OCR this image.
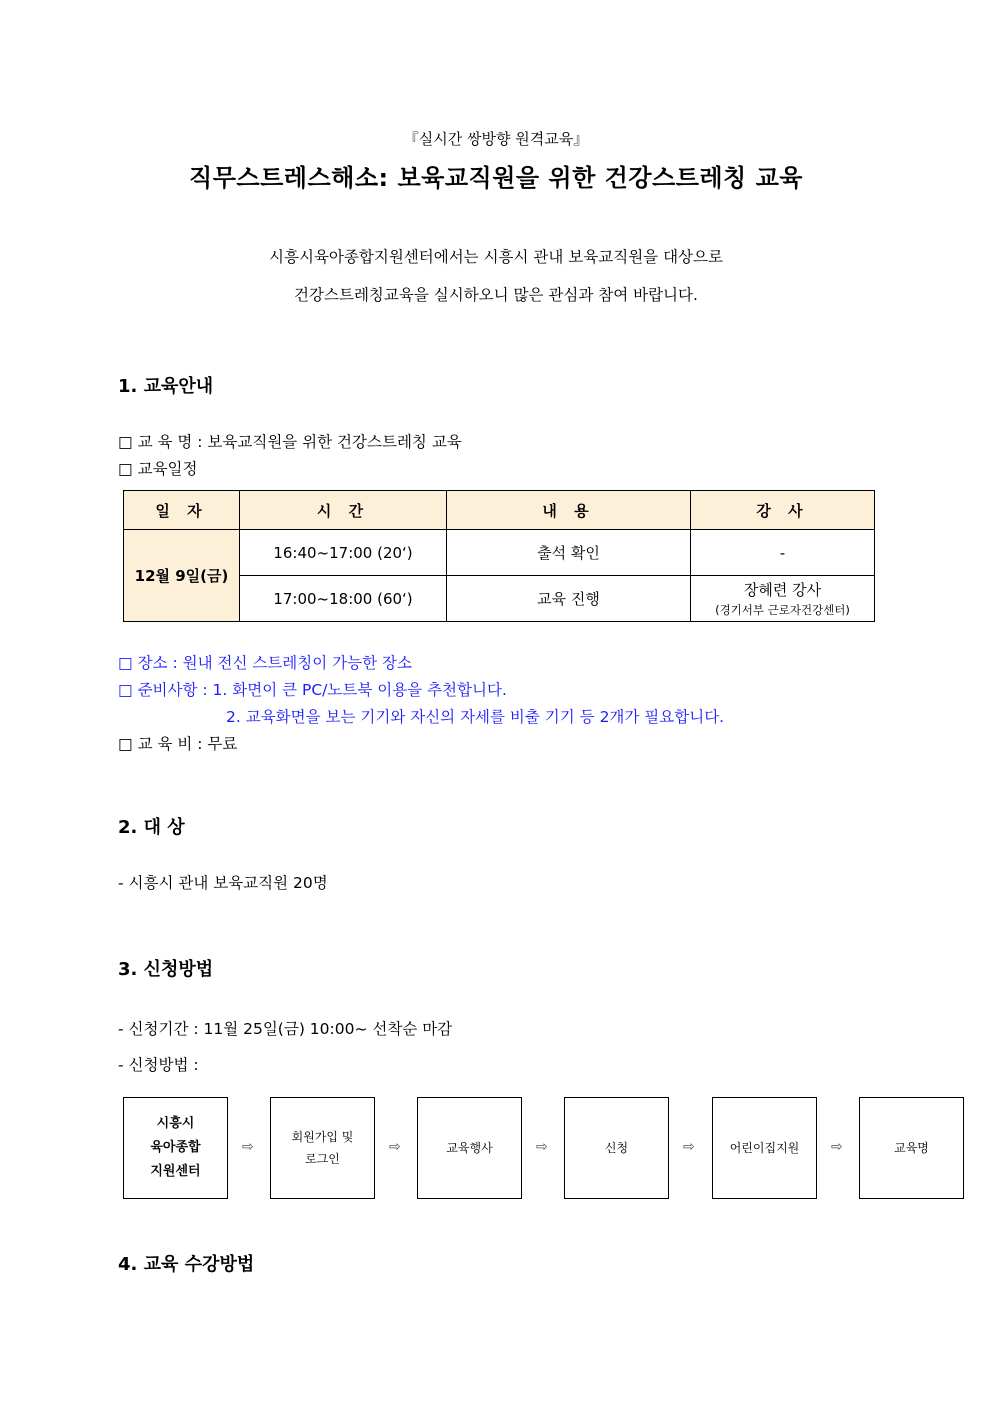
『실시간 쌍방향 원격교육』
직무스트레스해소: 보육교직원을 위한 건강스트레칭 교육
시흥시육아종합지원센터에서는 시흥시 관내 보육교직원을 대상으로
건강스트레칭교육을 실시하오니 많은 관심과 참여 바랍니다.
1. 교육안내
□ 교 육 명 : 보육교직원을 위한 건강스트레칭 교육
□ 교육일정
일 자	시 간	내 용	강 사
12월 9일(금)	16:40~17:00 (20‘)	출석 확인	-
	17:00~18:00 (60‘)	교육 진행	장혜련 강사
(경기서부 근로자건강센터)
□ 장소 : 원내 전신 스트레칭이 가능한 장소
□ 준비사항 : 1. 화면이 큰 PC/노트북 이용을 추천합니다.
2. 교육화면을 보는 기기와 자신의 자세를 비출 기기 등 2개가 필요합니다.
□ 교 육 비 : 무료
2. 대 상
- 시흥시 관내 보육교직원 20명
3. 신청방법
- 신청기간 : 11월 25일(금) 10:00~ 선착순 마감
- 신청방법 :
시흥시
육아종합
지원센터
⇨
회원가입 및
로그인
⇨	교육행사	⇨	신청	⇨	어린이집지원 ⇨	교육명
4. 교육 수강방법
